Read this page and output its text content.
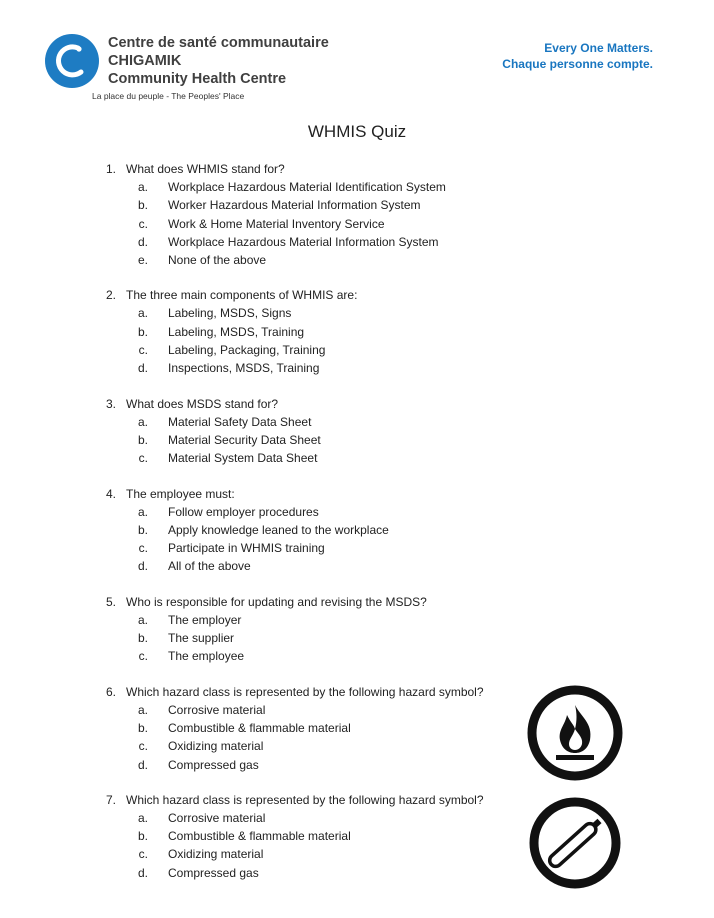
Centre de santé communautaire
CHIGAMIK
Community Health Centre
La place du peuple - The Peoples' Place
Every One Matters.
Chaque personne compte.
WHMIS Quiz
1. What does WHMIS stand for?
a.	Workplace Hazardous Material Identification System
b.	Worker Hazardous Material Information System
c.	Work & Home Material Inventory Service
d.	Workplace Hazardous Material Information System
e.	None of the above
2. The three main components of WHMIS are:
a.	Labeling, MSDS, Signs
b.	Labeling, MSDS, Training
c.	Labeling, Packaging, Training
d.	Inspections, MSDS, Training
3. What does MSDS stand for?
a.	Material Safety Data Sheet
b.	Material Security Data Sheet
c.	Material System Data Sheet
4. The employee must:
a.	Follow employer procedures
b.	Apply knowledge leaned to the workplace
c.	Participate in WHMIS training
d.	All of the above
5. Who is responsible for updating and revising the MSDS?
a.	The employer
b.	The supplier
c.	The employee
6. Which hazard class is represented by the following hazard symbol?
a.	Corrosive material
b.	Combustible & flammable material
c.	Oxidizing material
d.	Compressed gas
7. Which hazard class is represented by the following hazard symbol?
a.	Corrosive material
b.	Combustible & flammable material
c.	Oxidizing material
d.	Compressed gas
